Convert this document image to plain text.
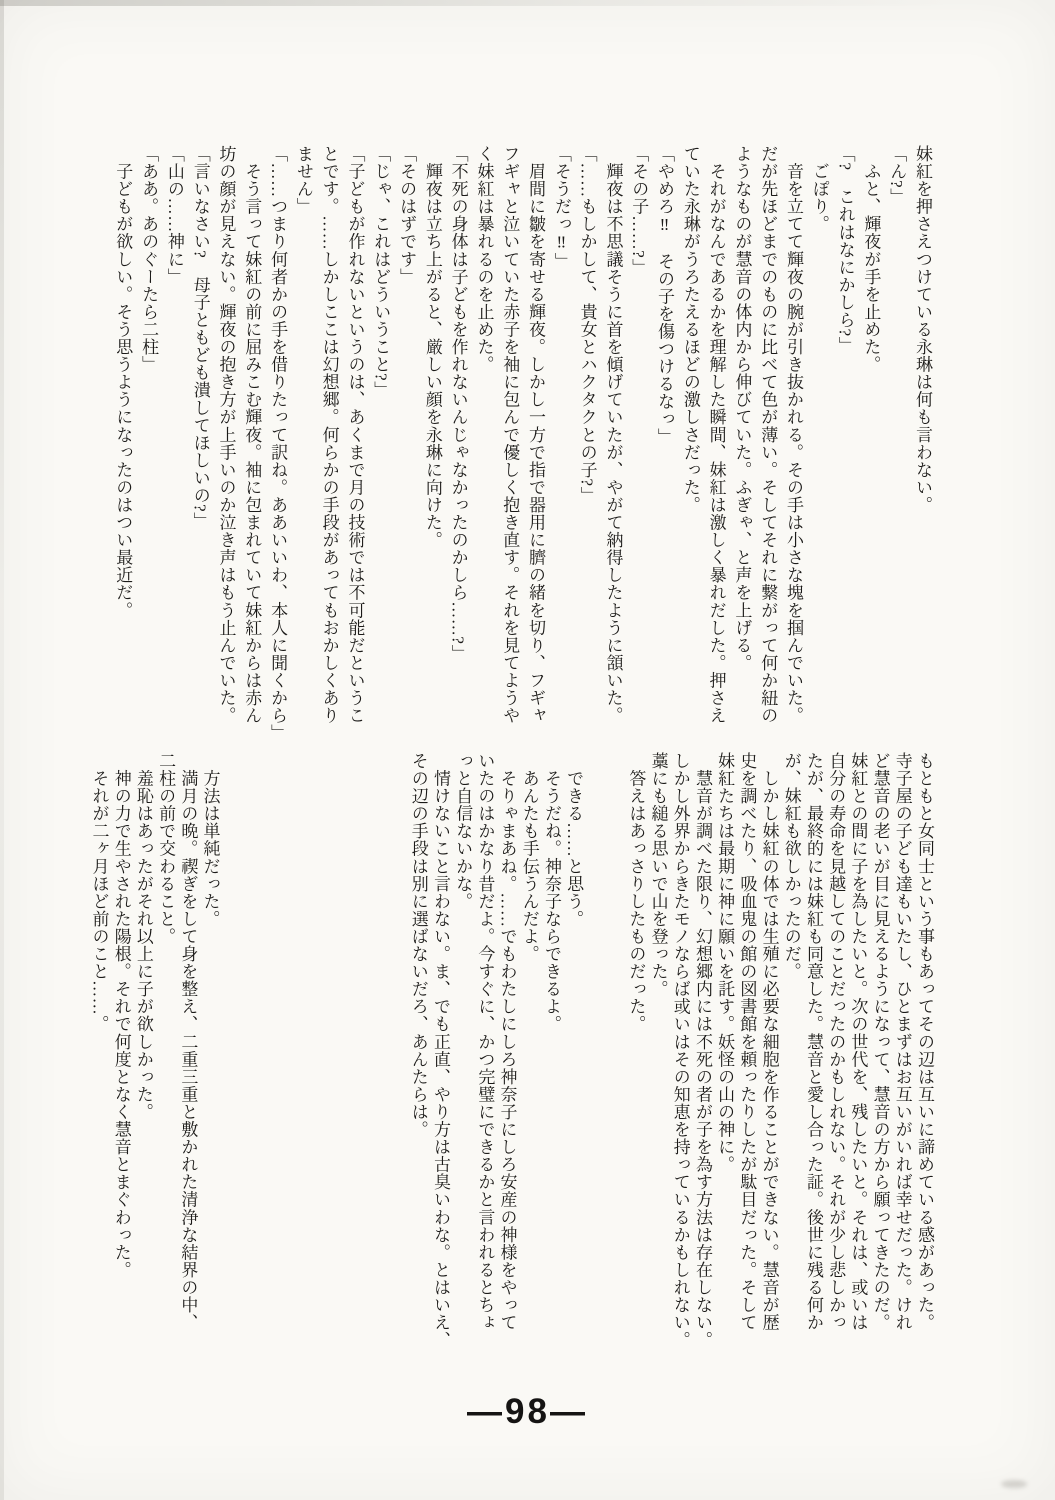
妹紅を押さえつけている永琳は何も言わない。
「ん?」
　ふと、輝夜が手を止めた。
「?　これはなにかしら?」
　ごぽり。
　音を立てて輝夜の腕が引き抜かれる。その手は小さな塊を掴んでいた。
だが先ほどまでのものに比べて色が薄い。そしてそれに繋がって何か紐の
ようなものが慧音の体内から伸びていた。ふぎゃ、と声を上げる。
　それがなんであるかを理解した瞬間、妹紅は激しく暴れだした。押さえ
ていた永琳がうろたえるほどの激しさだった。
「やめろ‼　その子を傷つけるなっ」
「その子……?」
　輝夜は不思議そうに首を傾げていたが、やがて納得したように頷いた。
「……もしかして、貴女とハクタクとの子?」
「そうだっ‼」
　眉間に皺を寄せる輝夜。しかし一方で指で器用に臍の緒を切り、フギャ
フギャと泣いていた赤子を袖に包んで優しく抱き直す。それを見てようや
く妹紅は暴れるのを止めた。
「不死の身体は子どもを作れないんじゃなかったのかしら……?」
　輝夜は立ち上がると、厳しい顔を永琳に向けた。
「そのはずです」
「じゃ、これはどういうこと?」
「子どもが作れないというのは、あくまで月の技術では不可能だというこ
とです。……しかしここは幻想郷。何らかの手段があってもおかしくあり
ません」
「……つまり何者かの手を借りたって訳ね。ああいいわ、本人に聞くから」
　そう言って妹紅の前に屈みこむ輝夜。袖に包まれていて妹紅からは赤ん
坊の顔が見えない。輝夜の抱き方が上手いのか泣き声はもう止んでいた。
「言いなさい?　母子ともども潰してほしいの?」
「山の……神に」
「ああ。あのぐーたら二柱」
　子どもが欲しい。そう思うようになったのはつい最近だ。
もともと女同士という事もあってその辺は互いに諦めている感があった。
寺子屋の子ども達もいたし、ひとまずはお互いがいれば幸せだった。けれ
ど慧音の老いが目に見えるようになって、慧音の方から願ってきたのだ。
妹紅との間に子を為したいと。次の世代を、残したいと。それは、或いは
自分の寿命を見越してのことだったのかもしれない。それが少し悲しかっ
たが、最終的には妹紅も同意した。慧音と愛し合った証。後世に残る何か
が、妹紅も欲しかったのだ。
　しかし妹紅の体では生殖に必要な細胞を作ることができない。慧音が歴
史を調べたり、吸血鬼の館の図書館を頼ったりしたが駄目だった。そして
妹紅たちは最期に神に願いを託す。妖怪の山の神に。
　慧音が調べた限り、幻想郷内には不死の者が子を為す方法は存在しない。
しかし外界からきたモノならば或いはその知恵を持っているかもしれない。
藁にも縋る思いで山を登った。
　答えはあっさりしたものだった。
　できる……と思う。
　そうだね。神奈子ならできるよ。
　あんたも手伝うんだよ。
　そりゃまあね。……でもわたしにしろ神奈子にしろ安産の神様をやって
いたのはかなり昔だよ。今すぐに、かつ完璧にできるかと言われるとちょ
っと自信ないかな。
　情けないこと言わない。ま、でも正直、やり方は古臭いわな。とはいえ、
その辺の手段は別に選ばないだろ、あんたらは。
　方法は単純だった。
　満月の晩。禊ぎをして身を整え、二重三重と敷かれた清浄な結界の中、
二柱の前で交わること。
　羞恥はあったがそれ以上に子が欲しかった。
　神の力で生やされた陽根。それで何度となく慧音とまぐわった。
　それが二ヶ月ほど前のこと……。
―98―
